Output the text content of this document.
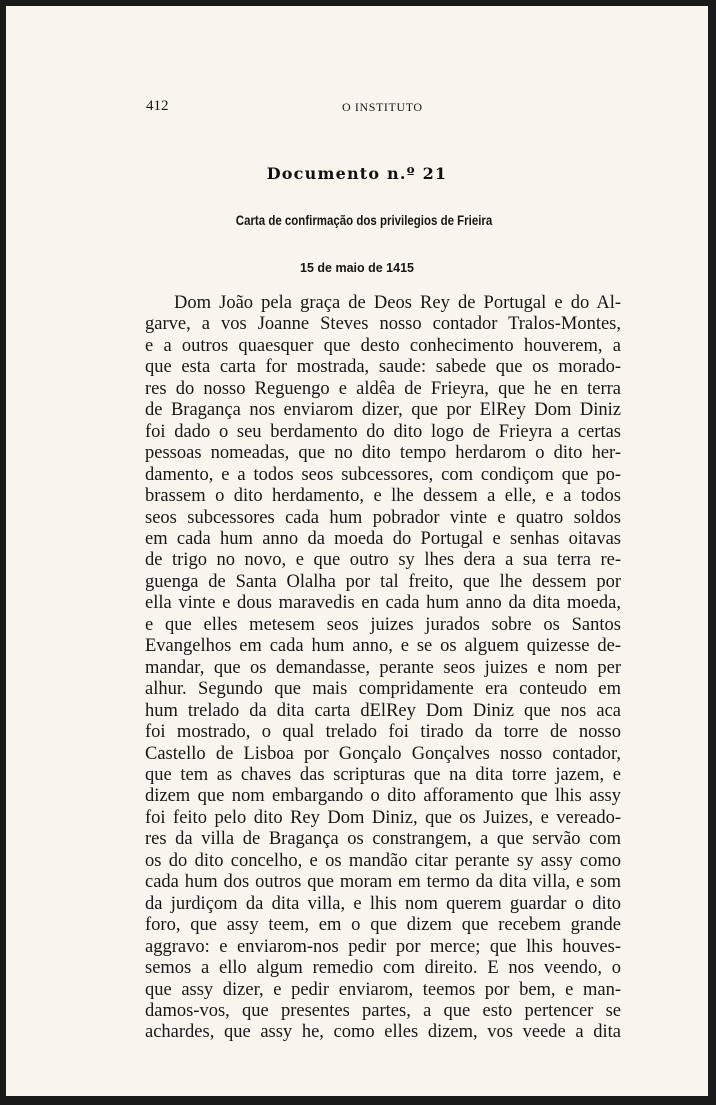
412	O INSTITUTO
Documento n.º 21
Carta de confirmação dos privilegios de Frieira
15 de maio de 1415
Dom João pela graça de Deos Rey de Portugal e do Al-
garve, a vos Joanne Steves nosso contador Tralos-Montes,
e a outros quaesquer que desto conhecimento houverem, a
que esta carta for mostrada, saude: sabede que os morado-
res do nosso Reguengo e aldêa de Frieyra, que he en terra
de Bragança nos enviarom dizer, que por ElRey Dom Diniz
foi dado o seu berdamento do dito logo de Frieyra a certas
pessoas nomeadas, que no dito tempo herdarom o dito her-
damento, e a todos seos subcessores, com condiçom que po-
brassem o dito herdamento, e lhe dessem a elle, e a todos
seos subcessores cada hum pobrador vinte e quatro soldos
em cada hum anno da moeda do Portugal e senhas oitavas
de trigo no novo, e que outro sy lhes dera a sua terra re-
guenga de Santa Olalha por tal freito, que lhe dessem por
ella vinte e dous maravedis en cada hum anno da dita moeda,
e que elles metesem seos juizes jurados sobre os Santos
Evangelhos em cada hum anno, e se os alguem quizesse de-
mandar, que os demandasse, perante seos juizes e nom per
alhur. Segundo que mais compridamente era conteudo em
hum trelado da dita carta dElRey Dom Diniz que nos aca
foi mostrado, o qual trelado foi tirado da torre de nosso
Castello de Lisboa por Gonçalo Gonçalves nosso contador,
que tem as chaves das scripturas que na dita torre jazem, e
dizem que nom embargando o dito afforamento que lhis assy
foi feito pelo dito Rey Dom Diniz, que os Juizes, e vereado-
res da villa de Bragança os constrangem, a que servão com
os do dito concelho, e os mandão citar perante sy assy como
cada hum dos outros que moram em termo da dita villa, e som
da jurdiçom da dita villa, e lhis nom querem guardar o dito
foro, que assy teem, em o que dizem que recebem grande
aggravo: e enviarom-nos pedir por merce; que lhis houves-
semos a ello algum remedio com direito. E nos veendo, o
que assy dizer, e pedir enviarom, teemos por bem, e man-
damos-vos, que presentes partes, a que esto pertencer se
achardes, que assy he, como elles dizem, vos veede a dita
